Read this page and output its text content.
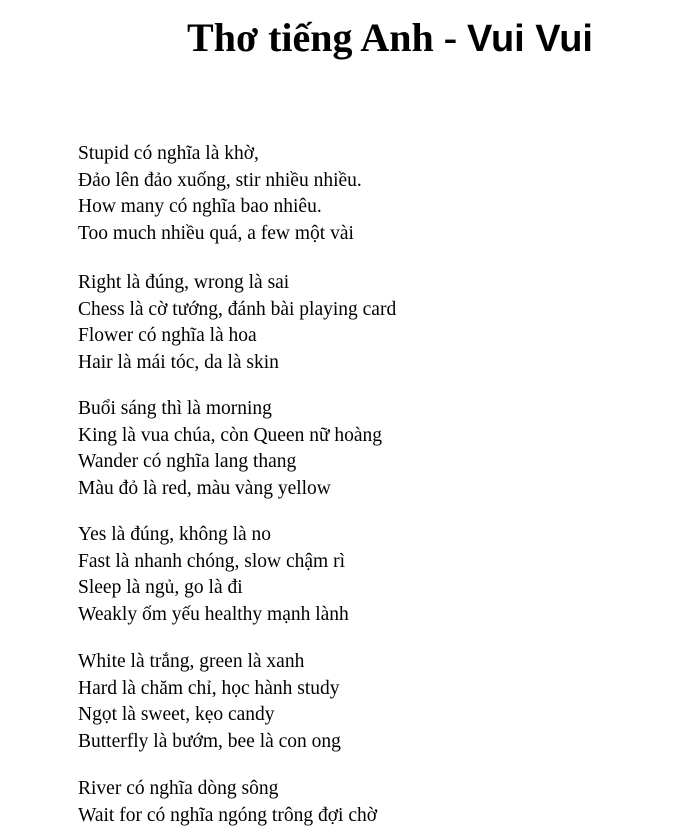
Thơ tiếng Anh - Vui Vui
Stupid có nghĩa là khờ,
Đảo lên đảo xuống, stir nhiều nhiều.
How many có nghĩa bao nhiêu.
Too much nhiều quá, a few một vài
Right là đúng, wrong là sai
Chess là cờ tướng, đánh bài playing card
Flower có nghĩa là hoa
Hair là mái tóc, da là skin
Buổi sáng thì là morning
King là vua chúa, còn Queen nữ hoàng
Wander có nghĩa lang thang
Màu đỏ là red, màu vàng yellow
Yes là đúng, không là no
Fast là nhanh chóng, slow chậm rì
Sleep là ngủ, go là đi
Weakly ốm yếu healthy mạnh lành
White là trắng, green là xanh
Hard là chăm chỉ, học hành study
Ngọt là sweet, kẹo candy
Butterfly là bướm, bee là con ong
River có nghĩa dòng sông
Wait for có nghĩa ngóng trông đợi chờ
